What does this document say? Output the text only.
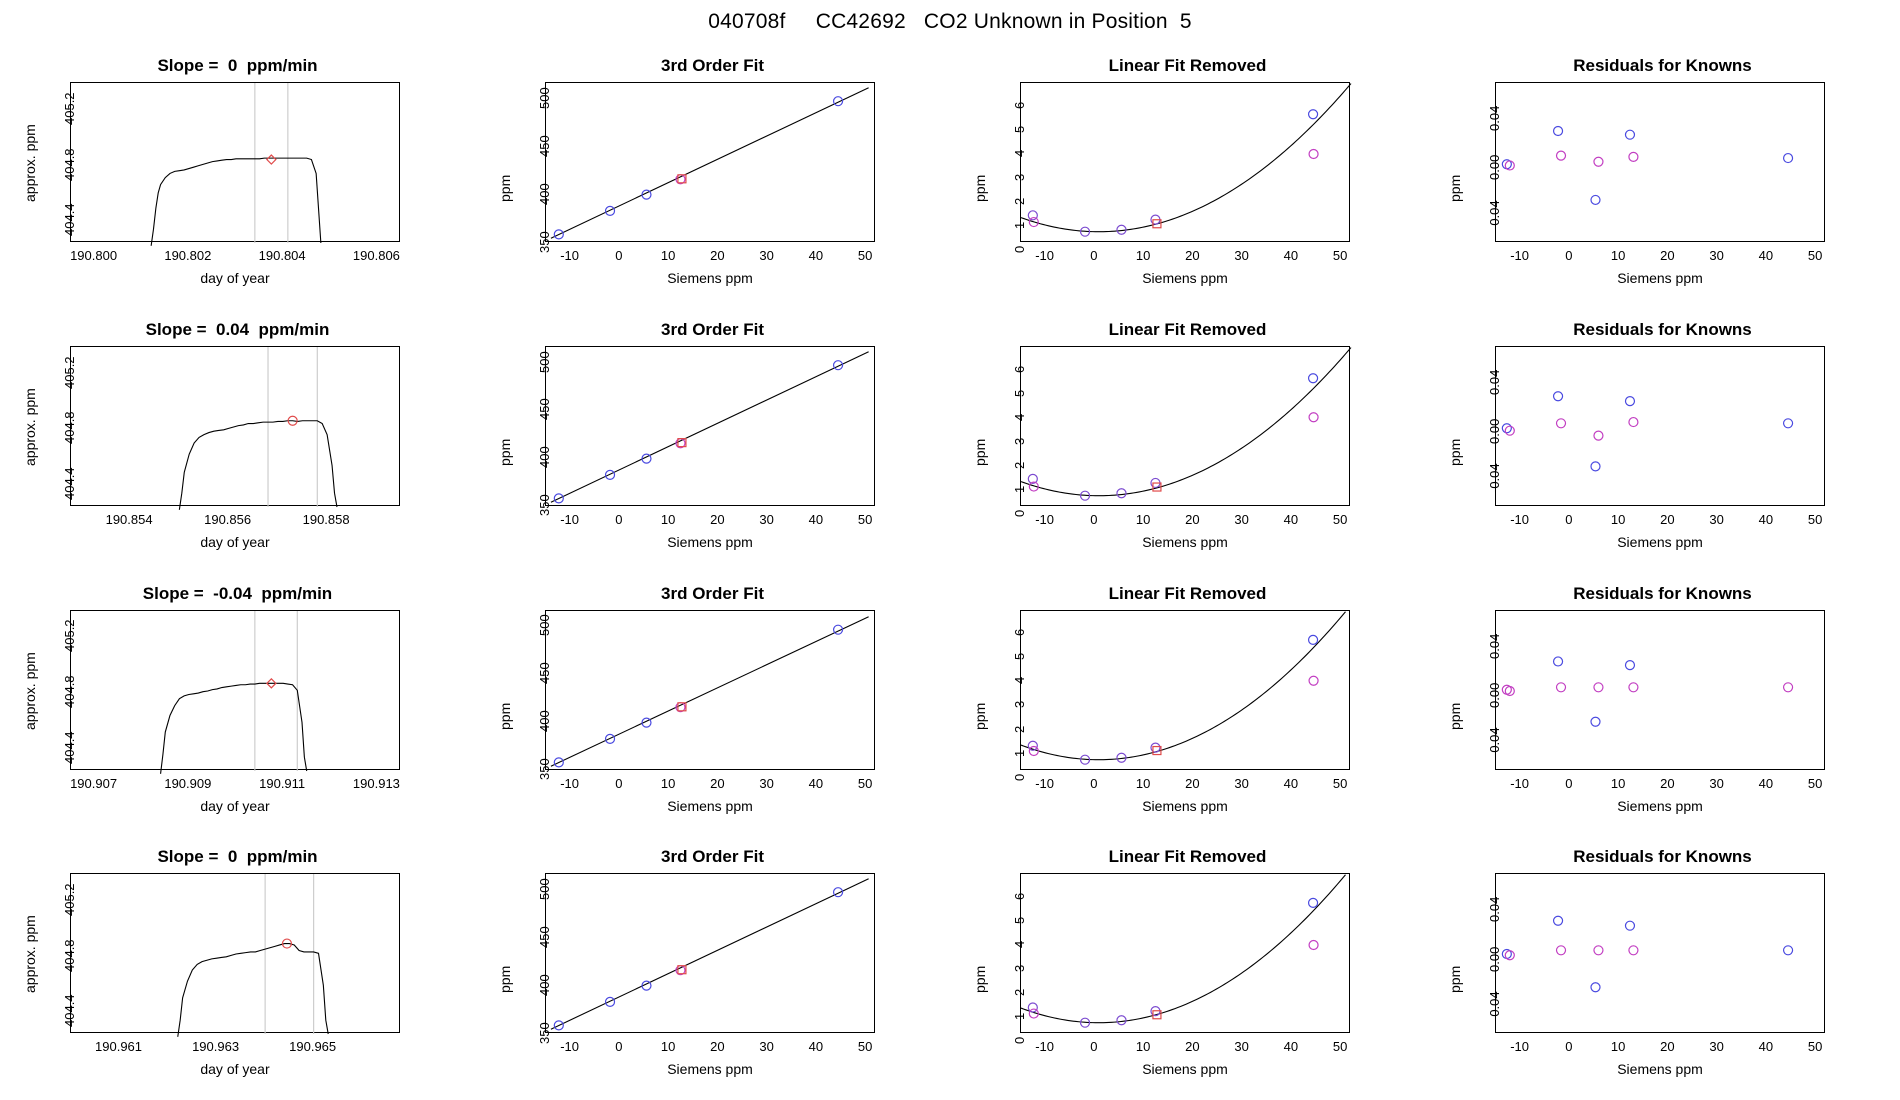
040708f     CC42692   CO2 Unknown in Position  5
Slope =  0  ppm/min
190.800	190.802	190.804	190.806
404.4
404.8
405.2
day of year
approx. ppm
3rd Order Fit
-10	0	10	20	30	40	50
350
400
450
500
Siemens ppm
ppm
Linear Fit Removed
-10	0	10	20	30	40	50
0
1
2
3
4
5
6
Siemens ppm
ppm
Residuals for Knowns
-10	0	10	20	30	40	50
-0.04
0.00
0.04
Siemens ppm
ppm
Slope =  0.04  ppm/min
190.854	190.856	190.858
404.4
404.8
405.2
day of year
approx. ppm
3rd Order Fit
-10	0	10	20	30	40	50
350
400
450
500
Siemens ppm
ppm
Linear Fit Removed
-10	0	10	20	30	40	50
0
1
2
3
4
5
6
Siemens ppm
ppm
Residuals for Knowns
-10	0	10	20	30	40	50
-0.04
0.00
0.04
Siemens ppm
ppm
Slope =  -0.04  ppm/min
190.907	190.909	190.911	190.913
404.4
404.8
405.2
day of year
approx. ppm
3rd Order Fit
-10	0	10	20	30	40	50
350
400
450
500
Siemens ppm
ppm
Linear Fit Removed
-10	0	10	20	30	40	50
0
1
2
3
4
5
6
Siemens ppm
ppm
Residuals for Knowns
-10	0	10	20	30	40	50
-0.04
0.00
0.04
Siemens ppm
ppm
Slope =  0  ppm/min
190.961	190.963	190.965
404.4
404.8
405.2
day of year
approx. ppm
3rd Order Fit
-10	0	10	20	30	40	50
350
400
450
500
Siemens ppm
ppm
Linear Fit Removed
-10	0	10	20	30	40	50
0
1
2
3
4
5
6
Siemens ppm
ppm
Residuals for Knowns
-10	0	10	20	30	40	50
-0.04
0.00
0.04
Siemens ppm
ppm
